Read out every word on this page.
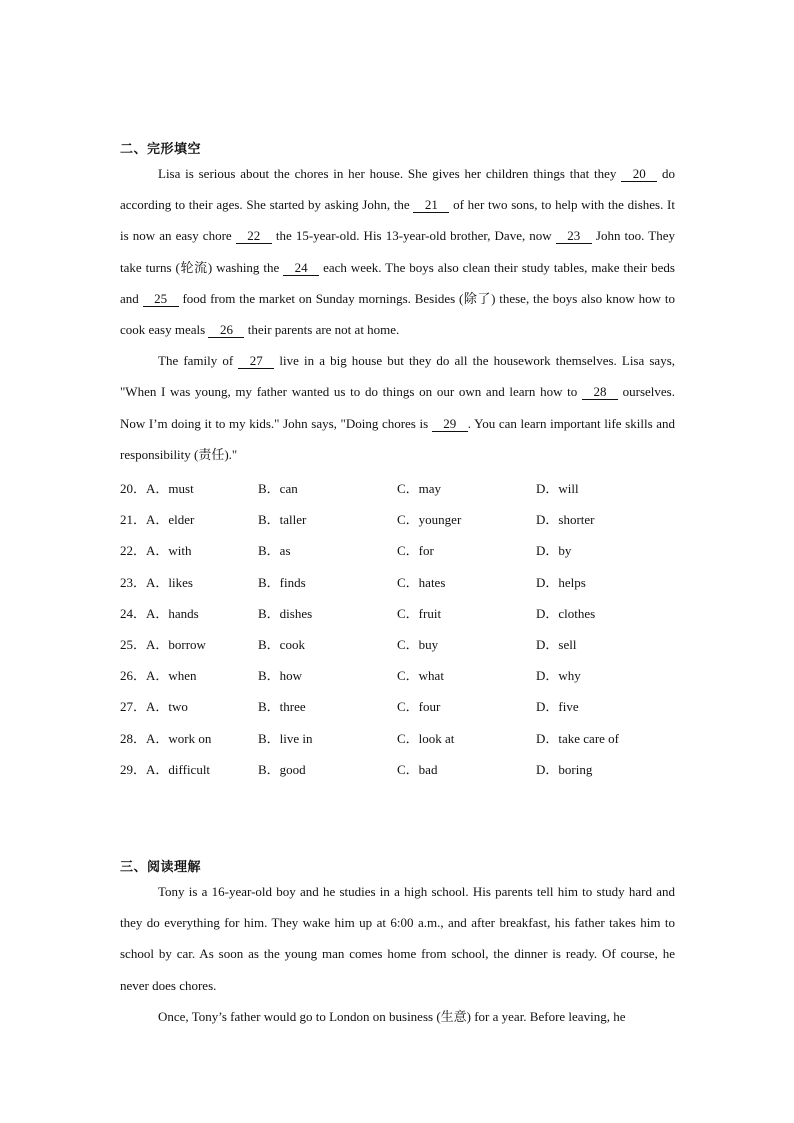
二、完形填空

Lisa is serious about the chores in her house. She gives her children things that they 20 do according to their ages. She started by asking John, the 21 of her two sons, to help with the dishes. It is now an easy chore 22 the 15-year-old. His 13-year-old brother, Dave, now 23 John too. They take turns (轮流) washing the 24 each week. The boys also clean their study tables, make their beds and 25 food from the market on Sunday mornings. Besides (除了) these, the boys also know how to cook easy meals 26 their parents are not at home.

The family of 27 live in a big house but they do all the housework themselves. Lisa says, "When I was young, my father wanted us to do things on our own and learn how to 28 ourselves. Now I’m doing it to my kids." John says, "Doing chores is 29 . You can learn important life skills and responsibility (责任)."

20．A．must	B．can	C．may	D．will
21．A．elder	B．taller	C．younger	D．shorter
22．A．with	B．as	C．for	D．by
23．A．likes	B．finds	C．hates	D．helps
24．A．hands	B．dishes	C．fruit	D．clothes
25．A．borrow	B．cook	C．buy	D．sell
26．A．when	B．how	C．what	D．why
27．A．two	B．three	C．four	D．five
28．A．work on	B．live in	C．look at	D．take care of
29．A．difficult	B．good	C．bad	D．boring
三、阅读理解

Tony is a 16-year-old boy and he studies in a high school. His parents tell him to study hard and they do everything for him. They wake him up at 6:00 a.m., and after breakfast, his father takes him to school by car. As soon as the young man comes home from school, the dinner is ready. Of course, he never does chores.

Once, Tony’s father would go to London on business (生意) for a year. Before leaving, he
